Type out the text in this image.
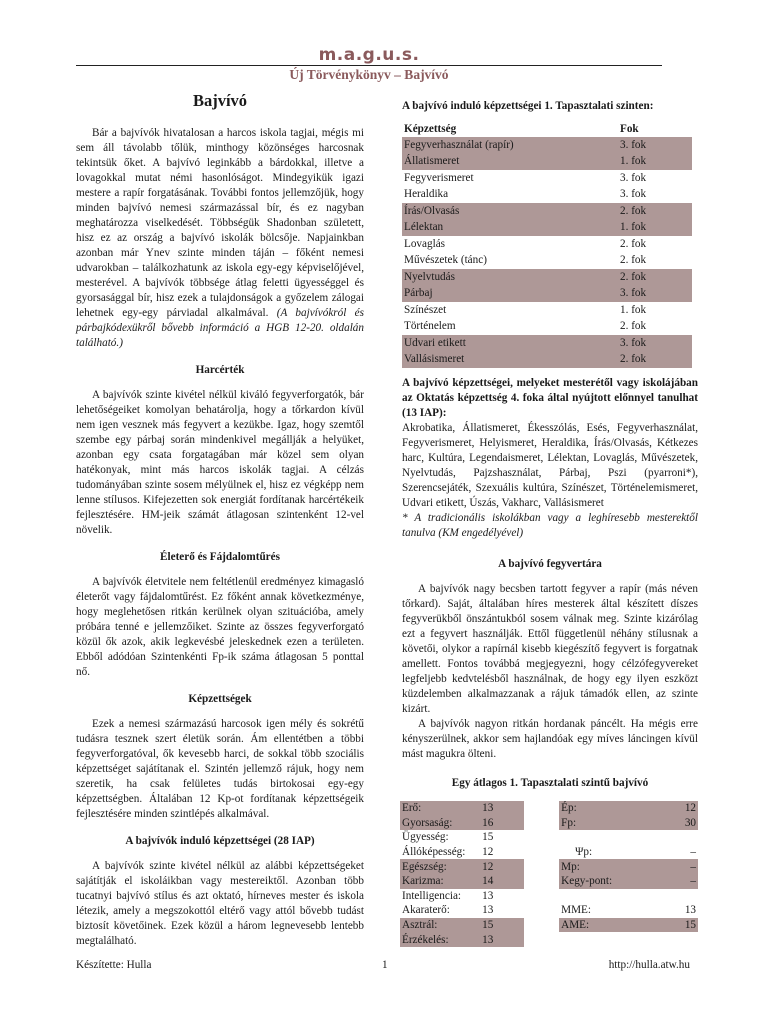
m.a.g.u.s.
Új Törvénykönyv – Bajvívó
Bajvívó

Bár a bajvívók hivatalosan a harcos iskola tagjai, mégis mi sem áll távolabb tőlük, minthogy közönséges harcosnak tekintsük őket. A bajvívó leginkább a bárdokkal, illetve a lovagokkal mutat némi hasonlóságot. Mindegyikük igazi mestere a rapír forgatásának. További fontos jellemzőjük, hogy minden bajvívó nemesi származással bír, és ez nagyban meghatározza viselkedését. Többségük Shadonban született, hisz ez az ország a bajvívó iskolák bölcsője. Napjainkban azonban már Ynev szinte minden táján – főként nemesi udvarokban – találkozhatunk az iskola egy-egy képviselőjével, mesterével. A bajvívók többsége átlag feletti ügyességgel és gyorsasággal bír, hisz ezek a tulajdonságok a győzelem zálogai lehetnek egy-egy párviadal alkalmával. (A bajvívókról és párbajkódexükről bővebb információ a HGB 12-20. oldalán található.)

Harcérték

A bajvívók szinte kivétel nélkül kiváló fegyverforgatók, bár lehetőségeiket komolyan behatárolja, hogy a tőrkardon kívül nem igen vesznek más fegyvert a kezükbe. Igaz, hogy szemtől szembe egy párbaj során mindenkivel megállják a helyüket, azonban egy csata forgatagában már közel sem olyan hatékonyak, mint más harcos iskolák tagjai. A célzás tudományában szinte sosem mélyülnek el, hisz ez végképp nem lenne stílusos. Kifejezetten sok energiát fordítanak harcértékeik fejlesztésére. HM-jeik számát átlagosan szintenként 12-vel növelik.

Életerő és Fájdalomtűrés

A bajvívók életvitele nem feltétlenül eredményez kimagasló életerőt vagy fájdalomtűrést. Ez főként annak következménye, hogy meglehetősen ritkán kerülnek olyan szituációba, amely próbára tenné e jellemzőiket. Szinte az összes fegyverforgató közül ők azok, akik legkevésbé jeleskednek ezen a területen. Ebből adódóan Szintenkénti Fp-ik száma átlagosan 5 ponttal nő.

Képzettségek

Ezek a nemesi származású harcosok igen mély és sokrétű tudásra tesznek szert életük során. Ám ellentétben a többi fegyverforgatóval, ők kevesebb harci, de sokkal több szociális képzettséget sajátítanak el. Szintén jellemző rájuk, hogy nem szeretik, ha csak felületes tudás birtokosai egy-egy képzettségben. Általában 12 Kp-ot fordítanak képzettségeik fejlesztésére minden szintlépés alkalmával.

A bajvívók induló képzettségei (28 IAP)

A bajvívók szinte kivétel nélkül az alábbi képzettségeket sajátítják el iskoláikban vagy mestereiktől. Azonban több tucatnyi bajvívó stílus és azt oktató, hírneves mester és iskola létezik, amely a megszokottól eltérő vagy attól bővebb tudást biztosít követőinek. Ezek közül a három legnevesebb lentebb megtalálható.

A bajvívó induló képzettségei 1. Tapasztalati szinten:
Képzettség	Fok
Fegyverhasználat (rapír)	3. fok
Állatismeret	1. fok
Fegyverismeret	3. fok
Heraldika	3. fok
Írás/Olvasás	2. fok
Lélektan	1. fok
Lovaglás	2. fok
Művészetek (tánc)	2. fok
Nyelvtudás	2. fok
Párbaj	3. fok
Színészet	1. fok
Történelem	2. fok
Udvari etikett	3. fok
Vallásismeret	2. fok

A bajvívó képzettségei, melyeket mesterétől vagy iskolájában az Oktatás képzettség 4. foka által nyújtott előnnyel tanulhat (13 IAP):

Akrobatika, Állatismeret, Ékesszólás, Esés, Fegyverhasználat, Fegyverismeret, Helyismeret, Heraldika, Írás/Olvasás, Kétkezes harc, Kultúra, Legendaismeret, Lélektan, Lovaglás, Művészetek, Nyelvtudás, Pajzshasználat, Párbaj, Pszi (pyarroni*), Szerencsejáték, Szexuális kultúra, Színészet, Történelemismeret, Udvari etikett, Úszás, Vakharc, Vallásismeret

* A tradicionális iskolákban vagy a leghíresebb mesterektől tanulva (KM engedélyével)

A bajvívó fegyvertára

A bajvívók nagy becsben tartott fegyver a rapír (más néven tőrkard). Saját, általában híres mesterek által készített díszes fegyverükből önszántukból sosem válnak meg. Szinte kizárólag ezt a fegyvert használják. Ettől függetlenül néhány stílusnak a követői, olykor a rapírnál kisebb kiegészítő fegyvert is forgatnak amellett. Fontos továbbá megjegyezni, hogy célzófegyvereket legfeljebb kedvtelésből használnak, de hogy egy ilyen eszközt küzdelemben alkalmazzanak a rájuk támadók ellen, az szinte kizárt.

A bajvívók nagyon ritkán hordanak páncélt. Ha mégis erre kényszerülnek, akkor sem hajlandóak egy míves láncingen kívül mást magukra ölteni.

Egy átlagos 1. Tapasztalati szintű bajvívó
Erő:	13		Ép:	12
Gyorsaság:	16		Fp:	30
Ügyesség:	15			
Állóképesség:	12		Ψp:	–
Egészség:	12		Mp:	–
Karizma:	14		Kegy-pont:	–
Intelligencia:	13			
Akaraterő:	13		MME:	13
Asztrál:	15		AME:	15
Érzékelés:	13			
Készítette: Hulla	1	http://hulla.atw.hu
